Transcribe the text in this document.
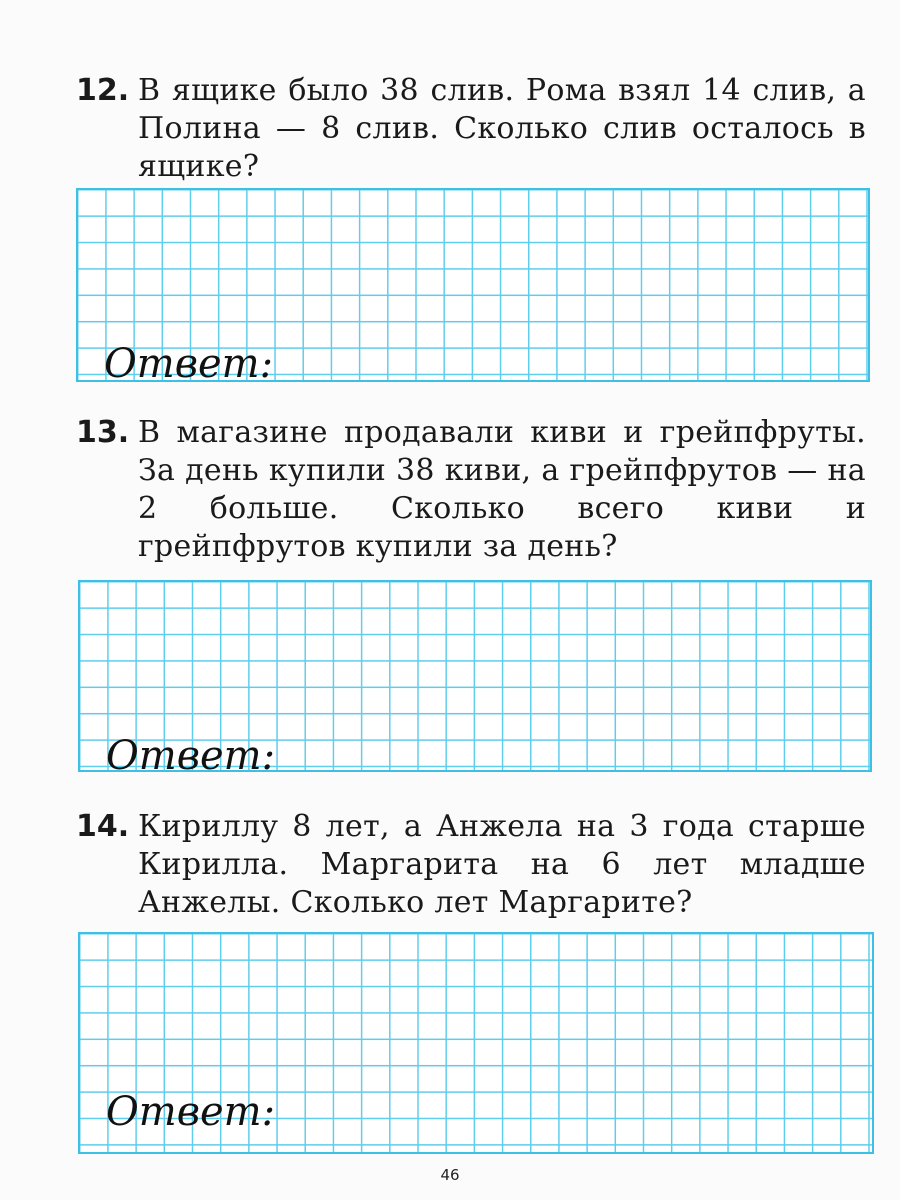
12. В ящике было 38 слив. Рома взял 14 слив, а Полина — 8 слив. Сколько слив осталось в ящике?
Ответ:
13. В магазине продавали киви и грейпфруты. За день купили 38 киви, а грейпфрутов — на 2 больше. Сколько всего киви и грейпфрутов купили за день?
Ответ:
14. Кириллу 8 лет, а Анжела на 3 года старше Кирилла. Маргарита на 6 лет младше Анжелы. Сколько лет Маргарите?
Ответ:
46
